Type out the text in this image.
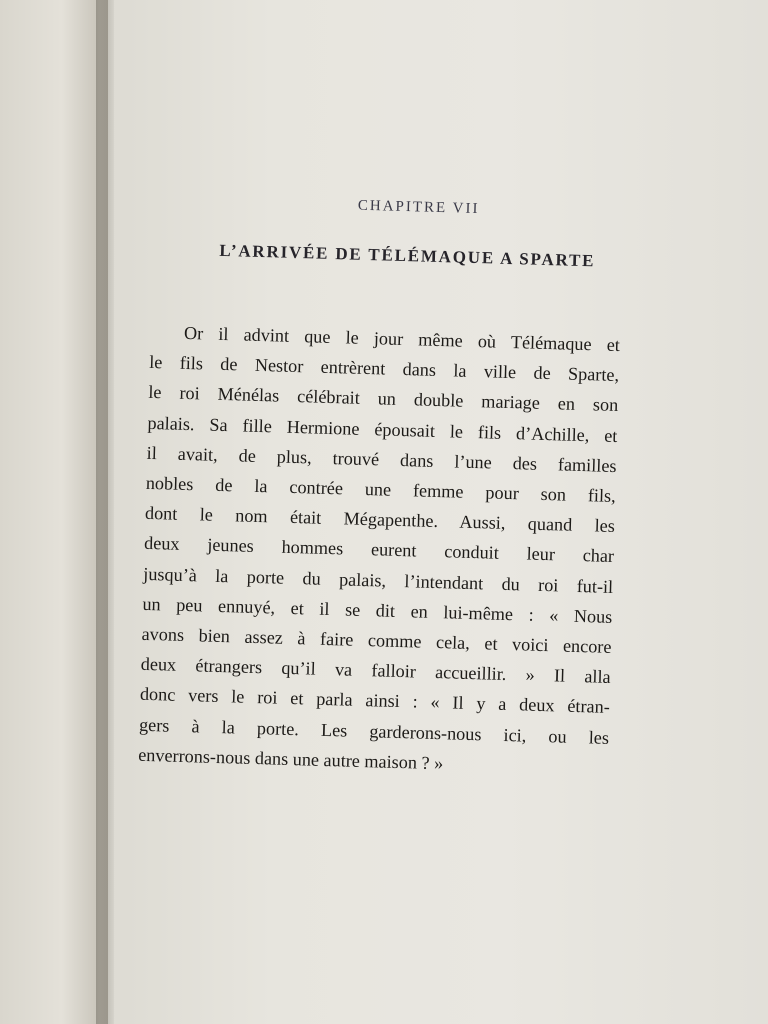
CHAPITRE VII
L’ARRIVÉE DE TÉLÉMAQUE A SPARTE
Or il advint que le jour même où Télémaque et
le fils de Nestor entrèrent dans la ville de Sparte,
le roi Ménélas célébrait un double mariage en son
palais. Sa fille Hermione épousait le fils d’Achille, et
il avait, de plus, trouvé dans l’une des familles
nobles de la contrée une femme pour son fils,
dont le nom était Mégapenthe. Aussi, quand les
deux jeunes hommes eurent conduit leur char
jusqu’à la porte du palais, l’intendant du roi fut-il
un peu ennuyé, et il se dit en lui-même : « Nous
avons bien assez à faire comme cela, et voici encore
deux étrangers qu’il va falloir accueillir. » Il alla
donc vers le roi et parla ainsi : « Il y a deux étran-
gers à la porte. Les garderons-nous ici, ou les
enverrons-nous dans une autre maison ? »
